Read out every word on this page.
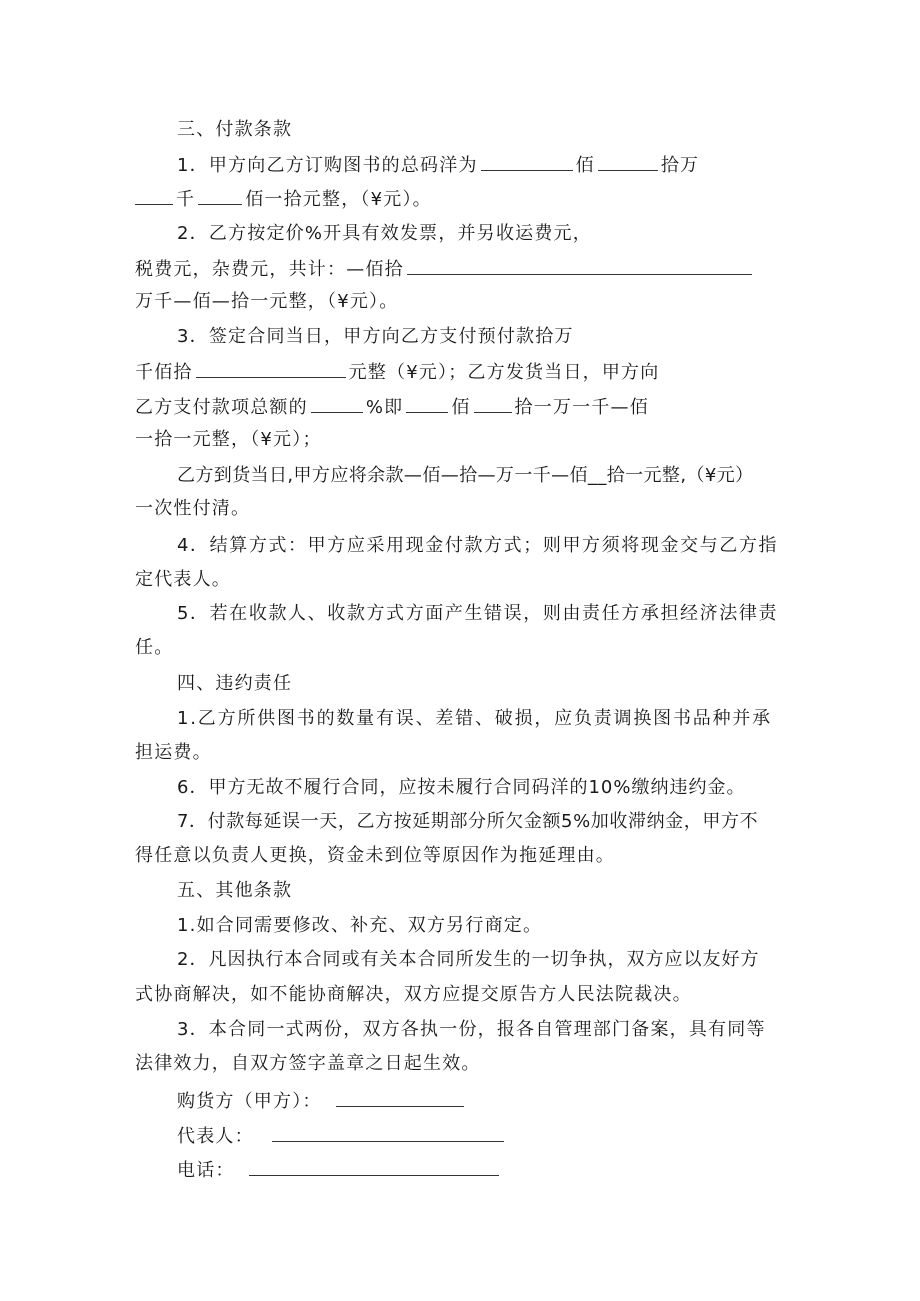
三、付款条款
1．甲方向乙方订购图书的总码洋为	佰	拾万
千	佰一拾元整，（¥元）。
2．乙方按定价%开具有效发票，并另收运费元，
税费元，杂费元，共计：—佰拾
万千—佰—拾一元整，（¥元）。
3．签定合同当日，甲方向乙方支付预付款拾万
千佰拾	元整（¥元）；乙方发货当日，甲方向
乙方支付款项总额的	%即	佰 拾一万一千—佰
一拾一元整，（¥元）；
乙方到货当日,甲方应将余款—佰—拾—万一千—佰__拾一元整,（¥元）
一次性付清。
4．结算方式：甲方应采用现金付款方式；则甲方须将现金交与乙方指
定代表人。
5．若在收款人、收款方式方面产生错误，则由责任方承担经济法律责
任。
四、违约责任
1.乙方所供图书的数量有误、差错、破损，应负责调换图书品种并承
担运费。
6．甲方无故不履行合同，应按未履行合同码洋的10%缴纳违约金。
7．付款每延误一天，乙方按延期部分所欠金额5%加收滞纳金，甲方不
得任意以负责人更换，资金未到位等原因作为拖延理由。
五、其他条款
1.如合同需要修改、补充、双方另行商定。
2．凡因执行本合同或有关本合同所发生的一切争执，双方应以友好方
式协商解决，如不能协商解决，双方应提交原告方人民法院裁决。
3．本合同一式两份，双方各执一份，报各自管理部门备案，具有同等
法律效力，自双方签字盖章之日起生效。
购货方（甲方）：
代表人：
电话：
